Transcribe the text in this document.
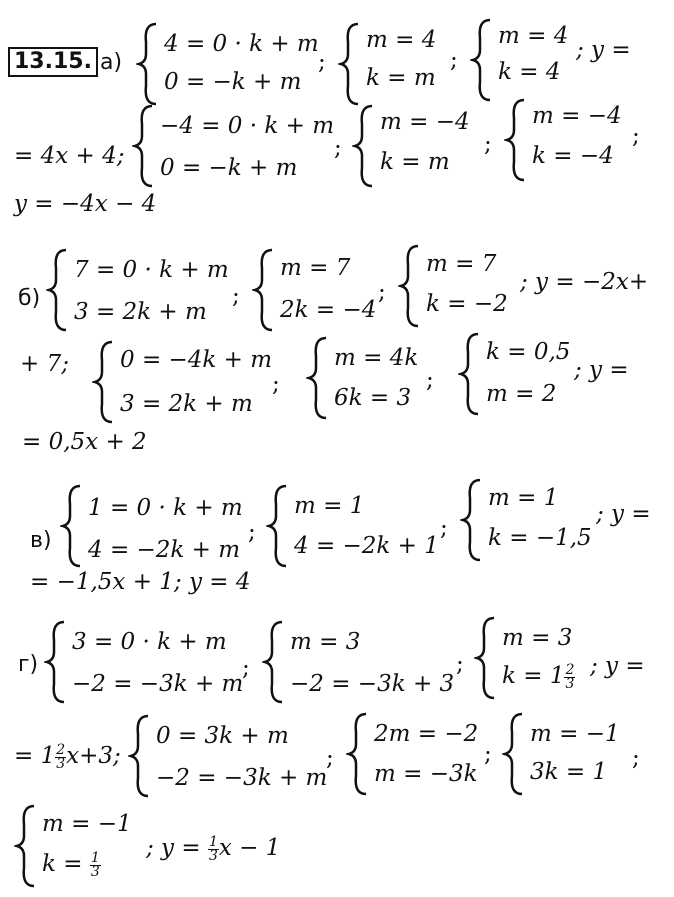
13.15. а)
4 = 0 · k + m
0 = −k + m
;
m = 4
k = m
;
m = 4
k = 4
; y =
= 4x + 4;
−4 = 0 · k + m
0 = −k + m
;
m = −4
k = m
;
m = −4
k = −4
;
y = −4x − 4
б)
7 = 0 · k + m
3 = 2k + m
;
m = 7
2k = −4
;
m = 7
k = −2
; y = −2x+
+ 7; 0 = −4k + m
3 = 2k + m
;
m = 4k
6k = 3
;
k = 0,5
m = 2
; y =
= 0,5x + 2
в)
1 = 0 · k + m
4 = −2k + m
;
m = 1
4 = −2k + 1
;
m = 1
k = −1,5
; y =
= −1,5x + 1; y = 4
г)
3 = 0 · k + m
−2 = −3k + m
;
m = 3
−2 = −3k + 3
;
m = 3
$k = 1 \frac{2}{3}$ ; y =
= $1 \frac{2}{3} x+3$;
0 = 3k + m
−2 = −3k + m
;
2m = −2
m = −3k
;
m = −1
3k = 1
;
m = −1
$k = \frac{1}{3}$
; $y = \frac{1}{3}$ x − 1
